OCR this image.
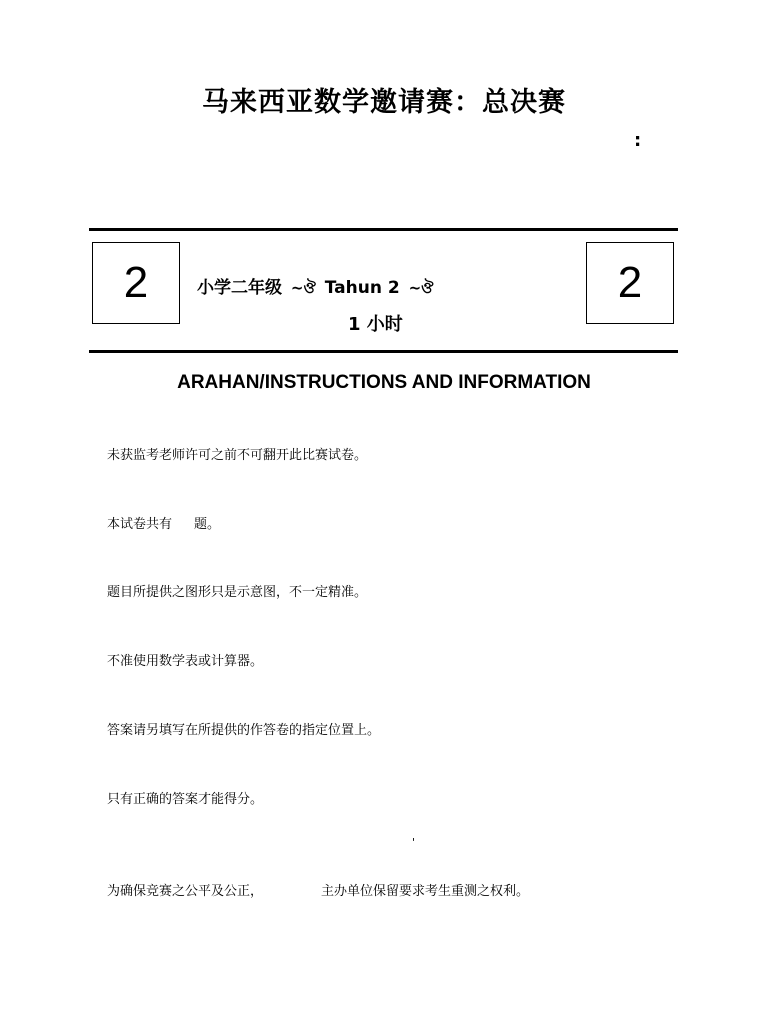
马来西亚数学邀请赛：总决赛
:
2	小学二年级 ~ঔ Tahun 2 ~ঔ
1 小时
2
ARAHAN/INSTRUCTIONS AND INFORMATION
未获监考老师许可之前不可翻开此比赛试卷。
本试卷共有 题。
题目所提供之图形只是示意图，不一定精准。
不准使用数学表或计算器。
答案请另填写在所提供的作答卷的指定位置上。
只有正确的答案才能得分。
'
为确保竞赛之公平及公正，	主办单位保留要求考生重测之权利。
